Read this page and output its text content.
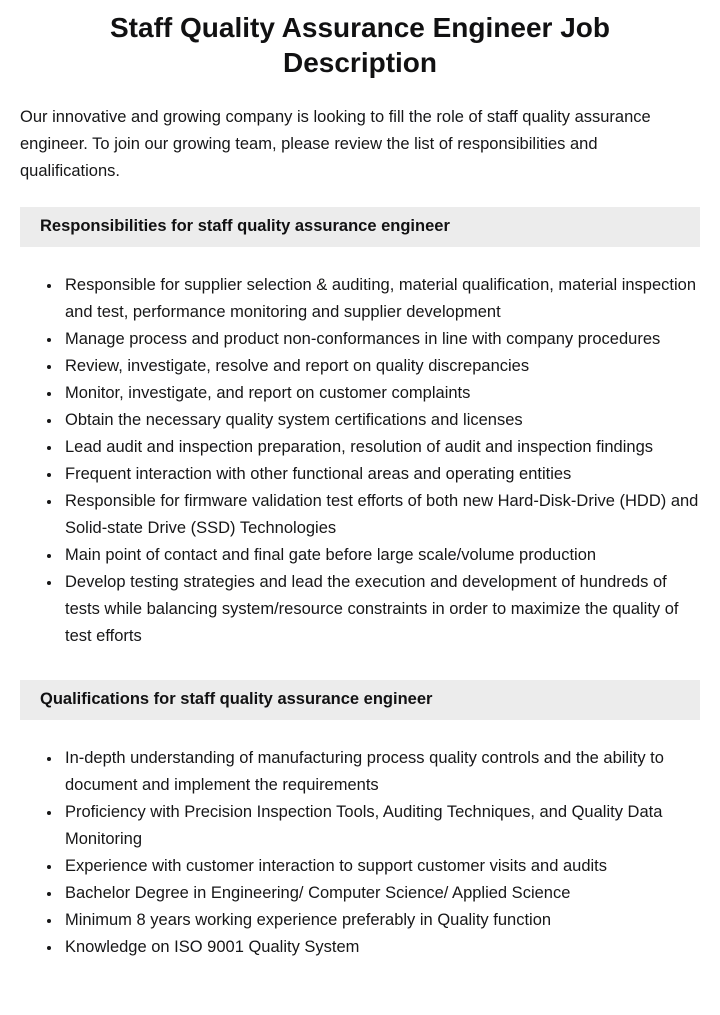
Staff Quality Assurance Engineer Job Description

Our innovative and growing company is looking to fill the role of staff quality assurance engineer. To join our growing team, please review the list of responsibilities and qualifications.

Responsibilities for staff quality assurance engineer
• Responsible for supplier selection & auditing, material qualification, material inspection and test, performance monitoring and supplier development
• Manage process and product non-conformances in line with company procedures
• Review, investigate, resolve and report on quality discrepancies
• Monitor, investigate, and report on customer complaints
• Obtain the necessary quality system certifications and licenses
• Lead audit and inspection preparation, resolution of audit and inspection findings
• Frequent interaction with other functional areas and operating entities
• Responsible for firmware validation test efforts of both new Hard-Disk-Drive (HDD) and Solid-state Drive (SSD) Technologies
• Main point of contact and final gate before large scale/volume production
• Develop testing strategies and lead the execution and development of hundreds of tests while balancing system/resource constraints in order to maximize the quality of test efforts
Qualifications for staff quality assurance engineer
• In-depth understanding of manufacturing process quality controls and the ability to document and implement the requirements
• Proficiency with Precision Inspection Tools, Auditing Techniques, and Quality Data Monitoring
• Experience with customer interaction to support customer visits and audits
• Bachelor Degree in Engineering/ Computer Science/ Applied Science
• Minimum 8 years working experience preferably in Quality function
• Knowledge on ISO 9001 Quality System
